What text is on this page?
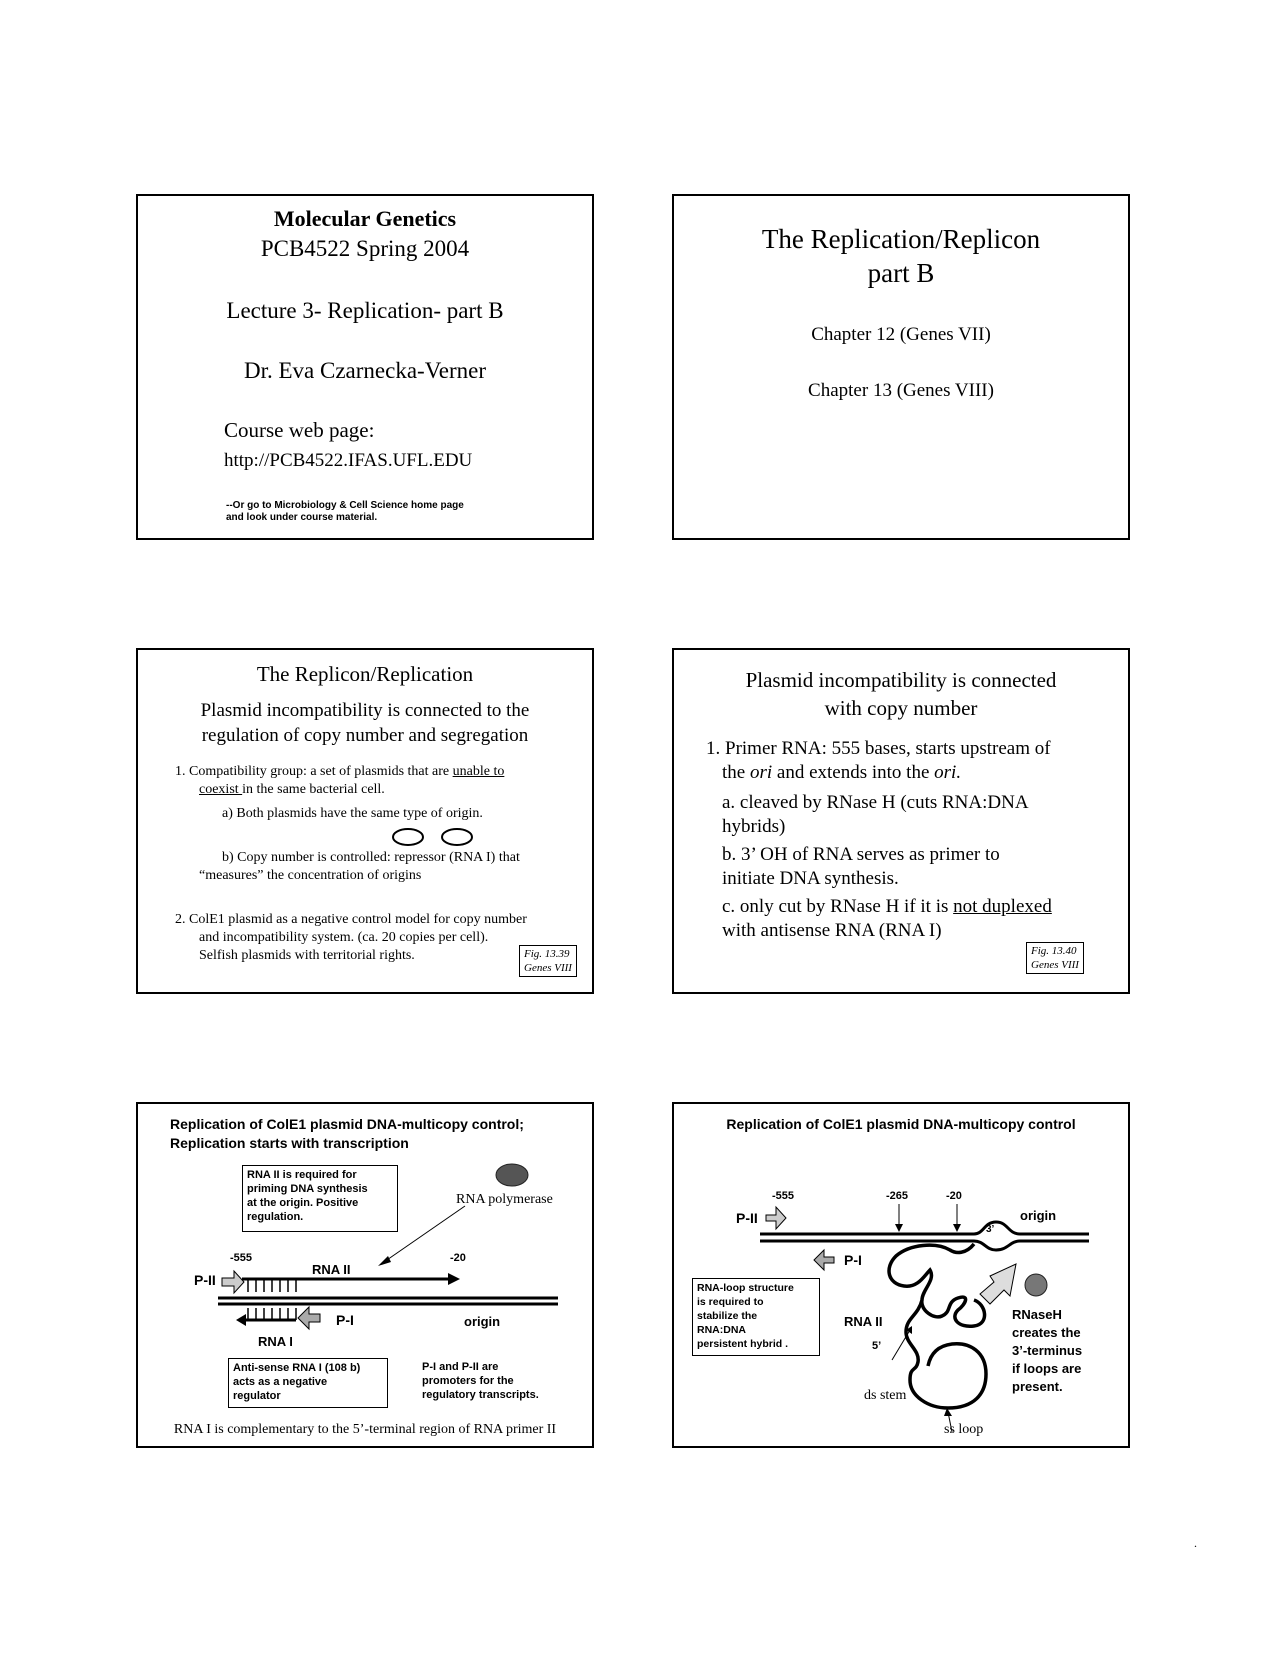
Molecular Genetics
PCB4522 Spring 2004
Lecture 3- Replication- part B
Dr. Eva Czarnecka-Verner
Course web page:
http://PCB4522.IFAS.UFL.EDU
--Or go to Microbiology & Cell Science home page
and look under course material.
The Replication/Replicon
part B
Chapter 12 (Genes VII)
Chapter 13 (Genes VIII)
The Replicon/Replication
Plasmid incompatibility is connected to the
regulation of copy number and segregation
1. Compatibility group: a set of plasmids that are unable to
coexist in the same bacterial cell.
a) Both plasmids have the same type of origin.
b) Copy number is controlled: repressor (RNA I) that
“measures” the concentration of origins
2. ColE1 plasmid as a negative control model for copy number
and incompatibility system. (ca. 20 copies per cell).
Selfish plasmids with territorial rights.	Fig. 13.39
Genes VIII
Plasmid incompatibility is connected
with copy number
1. Primer RNA: 555 bases, starts upstream of
the ori and extends into the ori.
a. cleaved by RNase H (cuts RNA:DNA
hybrids)
b. 3’ OH of RNA serves as primer to
initiate DNA synthesis.
c. only cut by RNase H if it is not duplexed
with antisense RNA (RNA I)
Fig. 13.40
Genes VIII
Replication of ColE1 plasmid DNA-multicopy control;
Replication starts with transcription
RNA II is required for
priming DNA synthesis
at the origin. Positive
regulation.
RNA polymerase
-555	-20
RNA II
P-II
P-I	origin
RNA I
Anti-sense RNA I (108 b)
acts as a negative
regulator
P-I and P-II are
promoters for the
regulatory transcripts.
RNA I is complementary to the 5’-terminal region of RNA primer II
Replication of ColE1 plasmid DNA-multicopy control
-555	-265	-20
P-II	origin
3’
P-I
RNA-loop structure
is required to
stabilize the
RNA:DNA
persistent hybrid .
RNA II
5’
ds stem
ss loop
RNaseH
creates the
3’-terminus
if loops are
present.
.
